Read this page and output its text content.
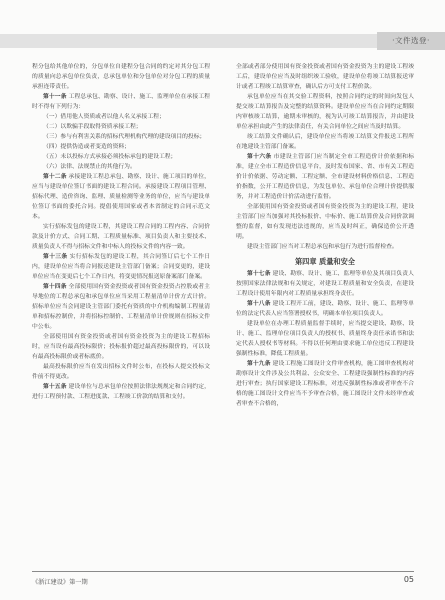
·文件选登·

程分包给其他单位的，分包单位自建程分包合同的约定对其分包工程的质量向总承包单位负责，总承包单位和分包单位对分包工程的质量承担连带责任。

第十一条 工程总承包、勘察、设计、施工、监理单位在承接工程时不得有下列行为：

（一）借用他人资质或者以他人名义承接工程；

（二）以欺骗手段取得资质承接工程；

（三）参与有利害关系的招标代理机构代理的建设项目的投标；

（四）提供伪造或者变造的资料；

（五）未以投标方式承接必须投标承包的建设工程；

（六）法律、法规禁止的其他行为。

第十二条 承接建设工程总承包、勘察、设计、施工项目的单位，应当与建设单位签订书面的建设工程合同。承接建设工程项目管理、招标代理、造价咨询、监理、质量检测等业务的单位，应当与建设单位签订书面的委托合同。提倡使用国家或者本省制定的合同示范文本。

实行招标发包的建设工程，其建设工程合同的工程内容、合同价款及计价方式、合同工期、工程质量标准、项目负责人和主要技术、质量负责人不得与招标文件和中标人的投标文件的内容一致。

第十三条 实行招标发包的建设工程，其合同签订后七个工作日内，建设单位应当将合同报送建设主管部门备案；合同变更的，建设单位应当在变更后七个工作日内，将变更情况报送原备案部门备案。

第十四条 全部使用国有资金投资或者国有资金投资占控股或者主导地位的工程总承包和承包单位应当采用工程量清单计价方式计价。招标单位应当会同建设主管部门委托有资质的中介机构编制工程量清单和招标控制价，并将招标控制价、工程量清单计价规则在招标文件中公布。

全部使用国有资金投资或者国有资金投资为主的建设工程招标时，应当设有最高投标限价；投标报价超过最高投标限价的，可以设有最高投标限价或者标底价。

最高投标限价应当在发出招标文件时公布，在投标人提交投标文件前不得更改。

第十五条 建设单位与总承包单位按照法律法规规定和合同约定，进行工程预付款、工程进度款、工程竣工价款的结算和支付。

全部或者部分使用国有资金投资或者国有资金投资为主的建设工程竣工后，建设单位应当及时组织竣工验收，建设单位将竣工结算报送审计或者工程竣工结算审查，确认后方可支付工程价款。

承包单位应当在其交验工程资料，按照合同约定的时间向发包人提交竣工结算报告及完整的结算资料。建设单位应当在合同约定期限内审核竣工结算，逾期未审核的，视为认可竣工结算报告，并由建设单位承担由此产生的法律责任，有关合同单位之间应当及时结算。

竣工结算文件确认后，建设单位应当将竣工结算文件报送工程所在地建设主管部门备案。

第十六条 市建设主管部门应当制定全市工程造价计价依据和标准，建立全市工程造价信息平台，及时发布国家、省、市有关工程造价计价依据、劳动定额、工程定额、全市建设材料价格信息、工程造价指数，公开工程造价信息，为发包单位、承包单位合理计价提供服务，并对工程造价计价活动进行监督。

全部使用国有资金投资或者国有资金投资为主的建设工程，建设主管部门应当加强对其投标报价、中标价、施工结算价及合同价款调整的监督，如有发现违法违规的，应当及时纠正，确保造价公开透明。

建设主管部门应当对工程总承包和承包行为进行监督检查。

第四章 质量和安全

第十七条 建设、勘察、设计、施工、监理等单位及其项目负责人按照国家法律法规和有关规定，对建设工程质量和安全负责，在建设工程设计使用年限内对工程质量承担终身责任。

第十八条 建设工程开工前，建设、勘察、设计、施工、监理等单位的法定代表人应当签署授权书，明确本单位项目负责人。

建设单位在办理工程质量监督手续时，应当提交建设、勘察、设计、施工、监理单位项目负责人的授权书、质量终身责任承诺书和法定代表人授权书等材料。不得以任何理由要求施工单位违反工程建设强制性标准，降低工程质量。

第十九条 建设工程施工图设计文件审查机构，施工图审查机构对勘察设计文件涉及公共利益、公众安全、工程建设强制性标准的内容进行审查；执行国家建设工程标准，对违反强制性标准或者审查不合格的施工图设计文件应当不予审查合格，施工图设计文件未经审查或者审查不合格的，

《浙江建设》第一期	05
